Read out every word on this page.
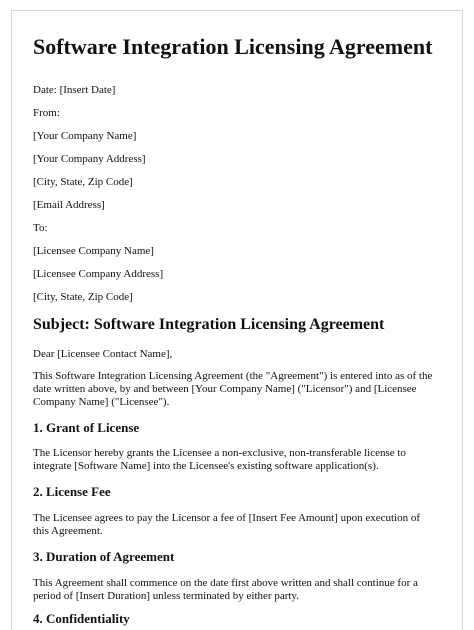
Software Integration Licensing Agreement

Date: [Insert Date]

From:

[Your Company Name]

[Your Company Address]

[City, State, Zip Code]

[Email Address]

To:

[Licensee Company Name]

[Licensee Company Address]

[City, State, Zip Code]

Subject: Software Integration Licensing Agreement

Dear [Licensee Contact Name],

This Software Integration Licensing Agreement (the "Agreement") is entered into as of the date written above, by and between [Your Company Name] ("Licensor") and [Licensee Company Name] ("Licensee").

1. Grant of License

The Licensor hereby grants the Licensee a non-exclusive, non-transferable license to integrate [Software Name] into the Licensee's existing software application(s).

2. License Fee

The Licensee agrees to pay the Licensor a fee of [Insert Fee Amount] upon execution of this Agreement.

3. Duration of Agreement

This Agreement shall commence on the date first above written and shall continue for a period of [Insert Duration] unless terminated by either party.

4. Confidentiality
